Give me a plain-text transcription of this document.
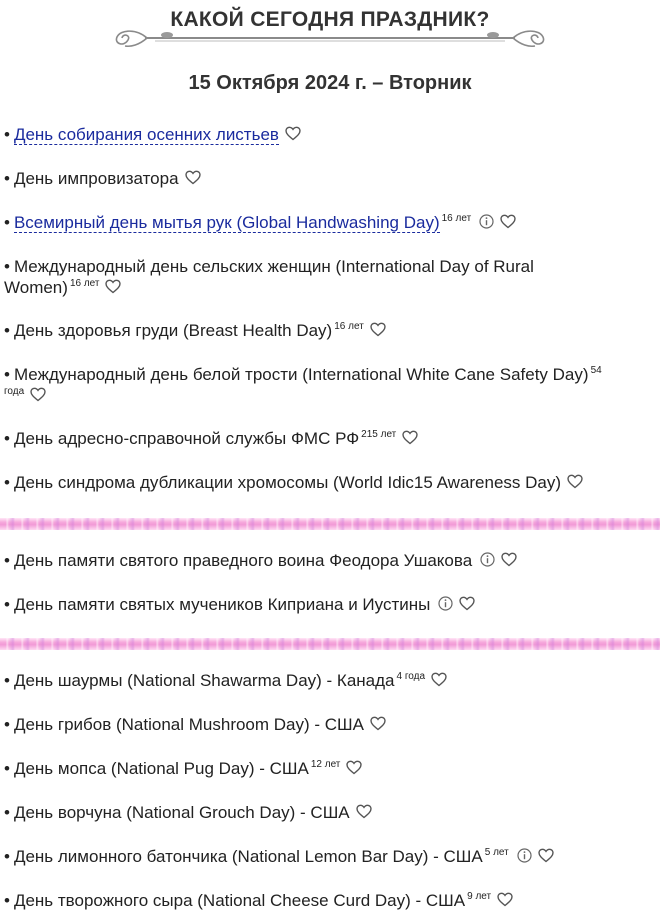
КАКОЙ СЕГОДНЯ ПРАЗДНИК?
15 Октября 2024 г. – Вторник
• День собирания осенних листьев
• День импровизатора
• Всемирный день мытья рук (Global Handwashing Day) $^{16 лет}$
• Международный день сельских женщин (International Day of Rural Women) $^{16 лет}$
• День здоровья груди (Breast Health Day) $^{16 лет}$
• Международный день белой трости (International White Cane Safety Day) $^{54 года}$
• День адресно-справочной службы ФМС РФ $^{215 лет}$
• День синдрома дубликации хромосомы (World Idic15 Awareness Day)
• День памяти святого праведного воина Феодора Ушакова
• День памяти святых мучеников Киприана и Иустины
• День шаурмы (National Shawarma Day) - Канада $^{4 года}$
• День грибов (National Mushroom Day) - США
• День мопса (National Pug Day) - США $^{12 лет}$
• День ворчуна (National Grouch Day) - США
• День лимонного батончика (National Lemon Bar Day) - США $^{5 лет}$
• День творожного сыра (National Cheese Curd Day) - США $^{9 лет}$
